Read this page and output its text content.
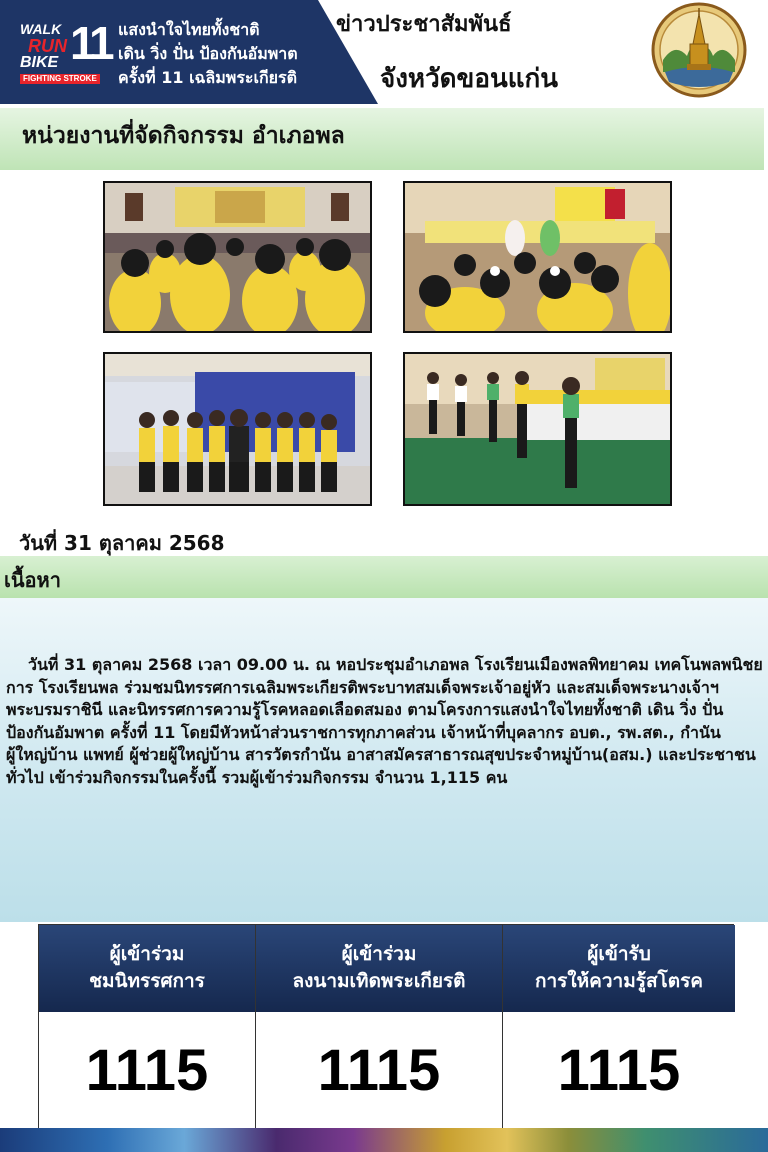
WALK
RUN
BIKE 11
FIGHTING STROKE
แสงนำใจไทยทั้งชาติ
เดิน วิ่ง ปั่น ป้องกันอัมพาต
ครั้งที่ 11 เฉลิมพระเกียรติ
ข่าวประชาสัมพันธ์
จังหวัดขอนแก่น
หน่วยงานที่จัดกิจกรรม อำเภอพล
วันที่ 31 ตุลาคม 2568
เนื้อหา
วันที่ 31 ตุลาคม 2568 เวลา 09.00 น. ณ หอประชุมอำเภอพล โรงเรียนเมืองพลพิทยาคม เทคโนพลพนิชยการ โรงเรียนพล ร่วมชมนิทรรศการเฉลิมพระเกียรติพระบาทสมเด็จพระเจ้าอยู่หัว และสมเด็จพระนางเจ้าฯ พระบรมราชินี และนิทรรศการความรู้โรคหลอดเลือดสมอง ตามโครงการแสงนำใจไทยทั้งชาติ เดิน วิ่ง ปั่น ป้องกันอัมพาต ครั้งที่ 11 โดยมีหัวหน้าส่วนราชการทุกภาคส่วน เจ้าหน้าที่บุคลากร อบต., รพ.สต., กำนัน ผู้ใหญ่บ้าน แพทย์ ผู้ช่วยผู้ใหญ่บ้าน สารวัตรกำนัน อาสาสมัครสาธารณสุขประจำหมู่บ้าน(อสม.) และประชาชนทั่วไป เข้าร่วมกิจกรรมในครั้งนี้ รวมผู้เข้าร่วมกิจกรรม จำนวน 1,115 คน
ผู้เข้าร่วม
ชมนิทรรศการ
1115
ผู้เข้าร่วม
ลงนามเทิดพระเกียรติ
1115
ผู้เข้ารับ
การให้ความรู้สโตรค
1115
